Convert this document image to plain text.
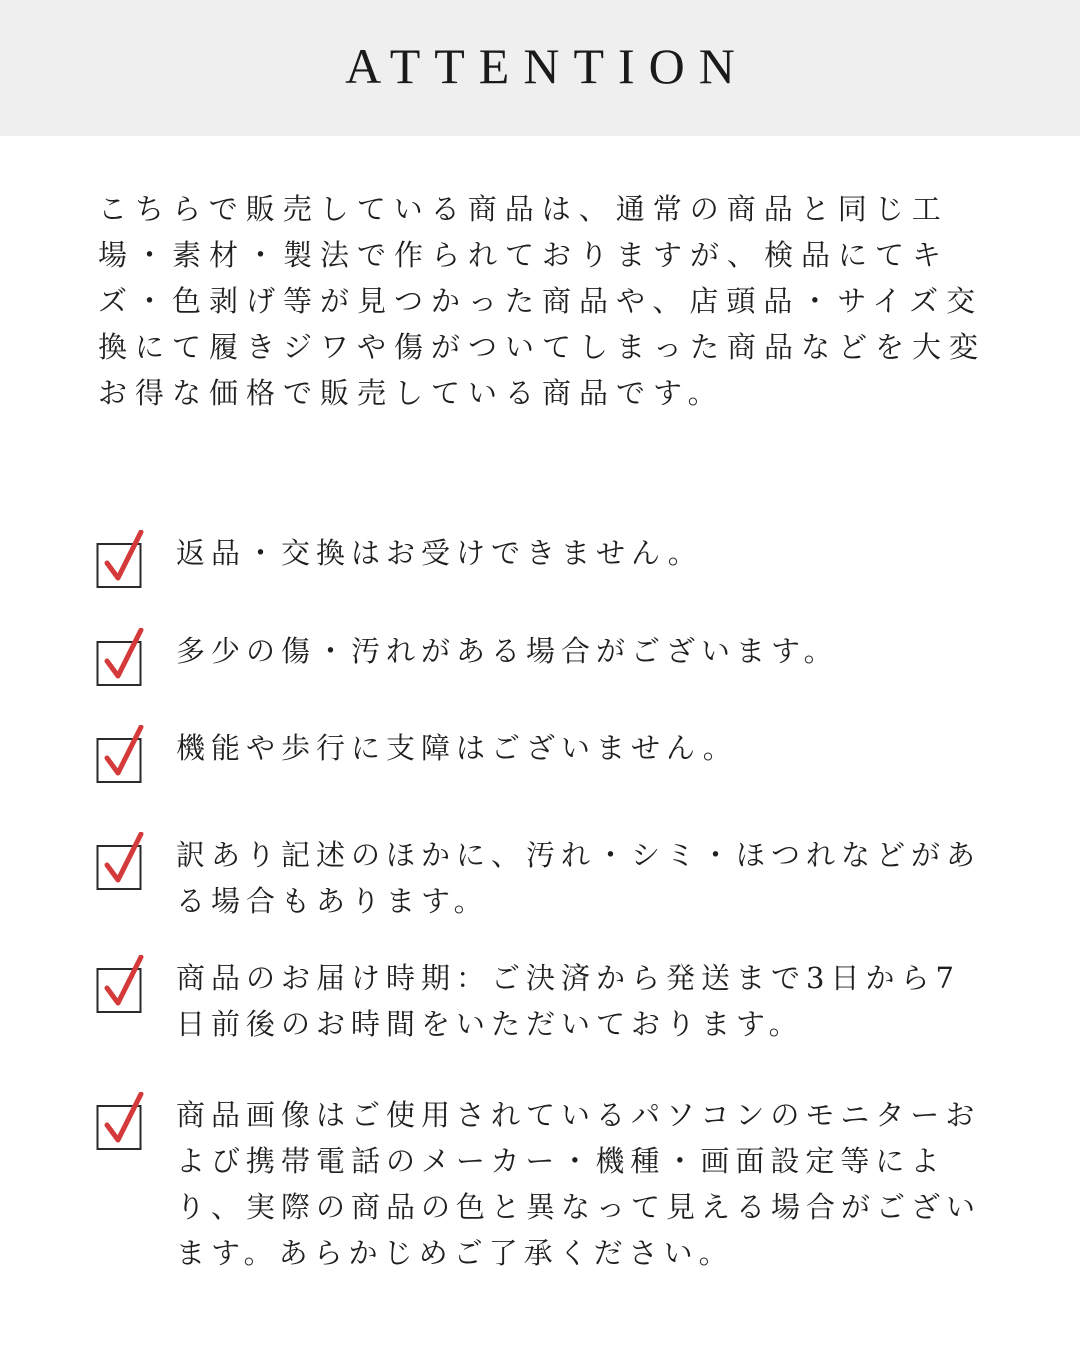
ATTENTION

こちらで販売している商品は、通常の商品と同じ工場・素材・製法で作られておりますが、検品にてキズ・色剥げ等が見つかった商品や、店頭品・サイズ交換にて履きジワや傷がついてしまった商品などを大変お得な価格で販売している商品です。

返品・交換はお受けできません。

多少の傷・汚れがある場合がございます。

機能や歩行に支障はございません。

訳あり記述のほかに、汚れ・シミ・ほつれなどがある場合もあります。

商品のお届け時期：ご決済から発送まで3日から7日前後のお時間をいただいております。

商品画像はご使用されているパソコンのモニターおよび携帯電話のメーカー・機種・画面設定等により、実際の商品の色と異なって見える場合がございます。あらかじめご了承ください。
